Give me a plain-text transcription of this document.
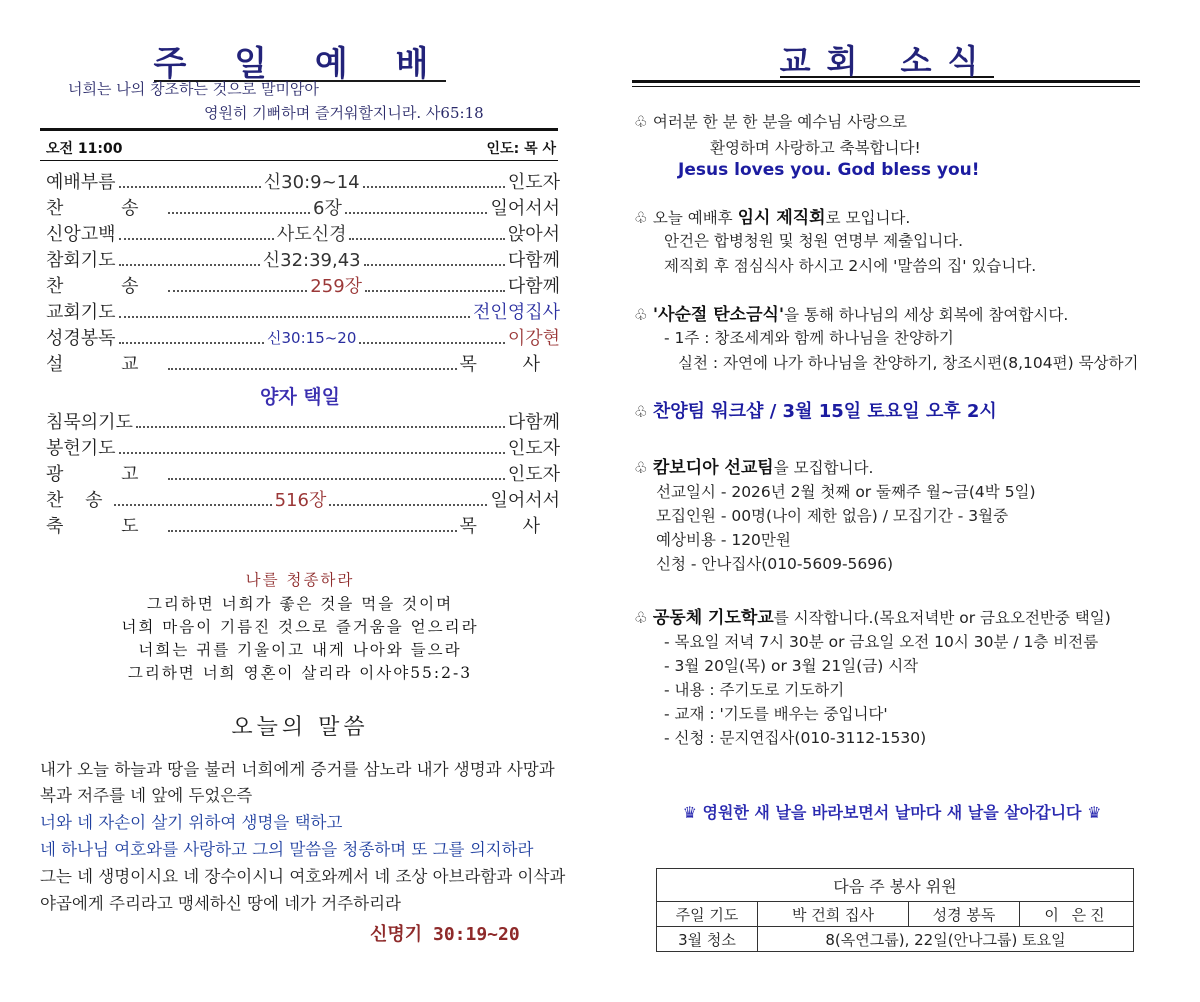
주 일 예 배
너희는 나의 창조하는 것으로 말미암아
영원히 기뻐하며 즐거워할지니라. 사65:18
오전 11:00	인도: 목 사
예배부름	신30:9~14	인도자
찬 송	6장	일어서서
신앙고백	사도신경	앉아서
참회기도	신32:39,43	다함께
찬 송	259장	다함께
교회기도	전인영집사
성경봉독	신30:15~20	이강현
설 교	목 사
양자 택일
침묵의기도	다함께
봉헌기도	인도자
광 고	인도자
찬 송	516장	일어서서
축 도	목 사
나를 청종하라
그리하면 너희가 좋은 것을 먹을 것이며
너희 마음이 기름진 것으로 즐거움을 얻으리라
너희는 귀를 기울이고 내게 나아와 들으라
그리하면 너희 영혼이 살리라 이사야55:2-3
오늘의 말씀
내가 오늘 하늘과 땅을 불러 너희에게 증거를 삼노라 내가 생명과 사망과
복과 저주를 네 앞에 두었은즉
너와 네 자손이 살기 위하여 생명을 택하고
네 하나님 여호와를 사랑하고 그의 말씀을 청종하며 또 그를 의지하라
그는 네 생명이시요 네 장수이시니 여호와께서 네 조상 아브라함과 이삭과
야곱에게 주리라고 맹세하신 땅에 네가 거주하리라
신명기 30:19~20
교회 소식
♧ 여러분 한 분 한 분을 예수님 사랑으로
환영하며 사랑하고 축복합니다!
Jesus loves you. God bless you!
♧ 오늘 예배후 임시 제직회로 모입니다.
안건은 합병청원 및 청원 연명부 제출입니다.
제직회 후 점심식사 하시고 2시에 '말씀의 집' 있습니다.
♧ '사순절 탄소금식'을 통해 하나님의 세상 회복에 참여합시다.
- 1주 : 창조세계와 함께 하나님을 찬양하기
실천 : 자연에 나가 하나님을 찬양하기, 창조시편(8,104편) 묵상하기
♧ 찬양팀 워크샵 / 3월 15일 토요일 오후 2시
♧ 캄보디아 선교팀을 모집합니다.
선교일시 - 2026년 2월 첫째 or 둘째주 월~금(4박 5일)
모집인원 - 00명(나이 제한 없음) / 모집기간 - 3월중
예상비용 - 120만원
신청 - 안나집사(010-5609-5696)
♧ 공동체 기도학교를 시작합니다.(목요저녁반 or 금요오전반중 택일)
- 목요일 저녁 7시 30분 or 금요일 오전 10시 30분 / 1층 비전룸
- 3월 20일(목) or 3월 21일(금) 시작
- 내용 : 주기도로 기도하기
- 교재 : '기도를 배우는 중입니다'
- 신청 : 문지연집사(010-3112-1530)
♛ 영원한 새 날을 바라보면서 날마다 새 날을 살아갑니다 ♛
다음 주 봉사 위원			
주일 기도	박 건희 집사	성경 봉독	이 은진
3월 청소	8(옥연그룹), 22일(안나그룹) 토요일		
